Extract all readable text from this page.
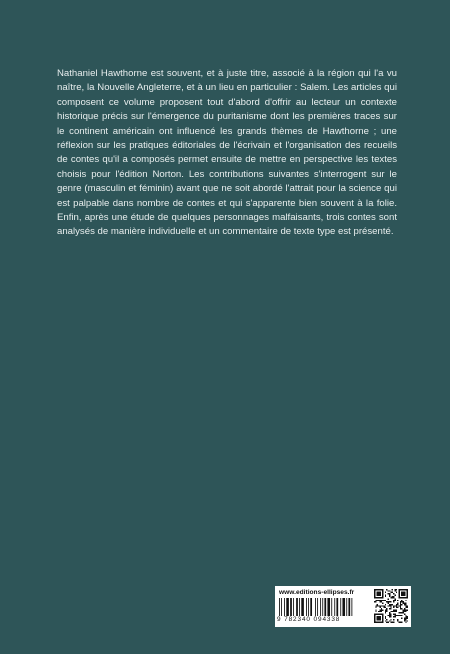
Nathaniel Hawthorne est souvent, et à juste titre, associé à la région qui l'a vu naître, la Nouvelle Angleterre, et à un lieu en particulier : Salem. Les articles qui composent ce volume proposent tout d'abord d'offrir au lecteur un contexte historique précis sur l'émergence du puritanisme dont les premières traces sur le continent américain ont influencé les grands thèmes de Hawthorne ; une réflexion sur les pratiques éditoriales de l'écrivain et l'organisation des recueils de contes qu'il a composés permet ensuite de mettre en perspective les textes choisis pour l'édition Norton. Les contributions suivantes s'interrogent sur le genre (masculin et féminin) avant que ne soit abordé l'attrait pour la science qui est palpable dans nombre de contes et qui s'apparente bien souvent à la folie. Enfin, après une étude de quelques personnages malfaisants, trois contes sont analysés de manière individuelle et un commentaire de texte type est présenté.

www.editions-ellipses.fr
9 782340 094338
